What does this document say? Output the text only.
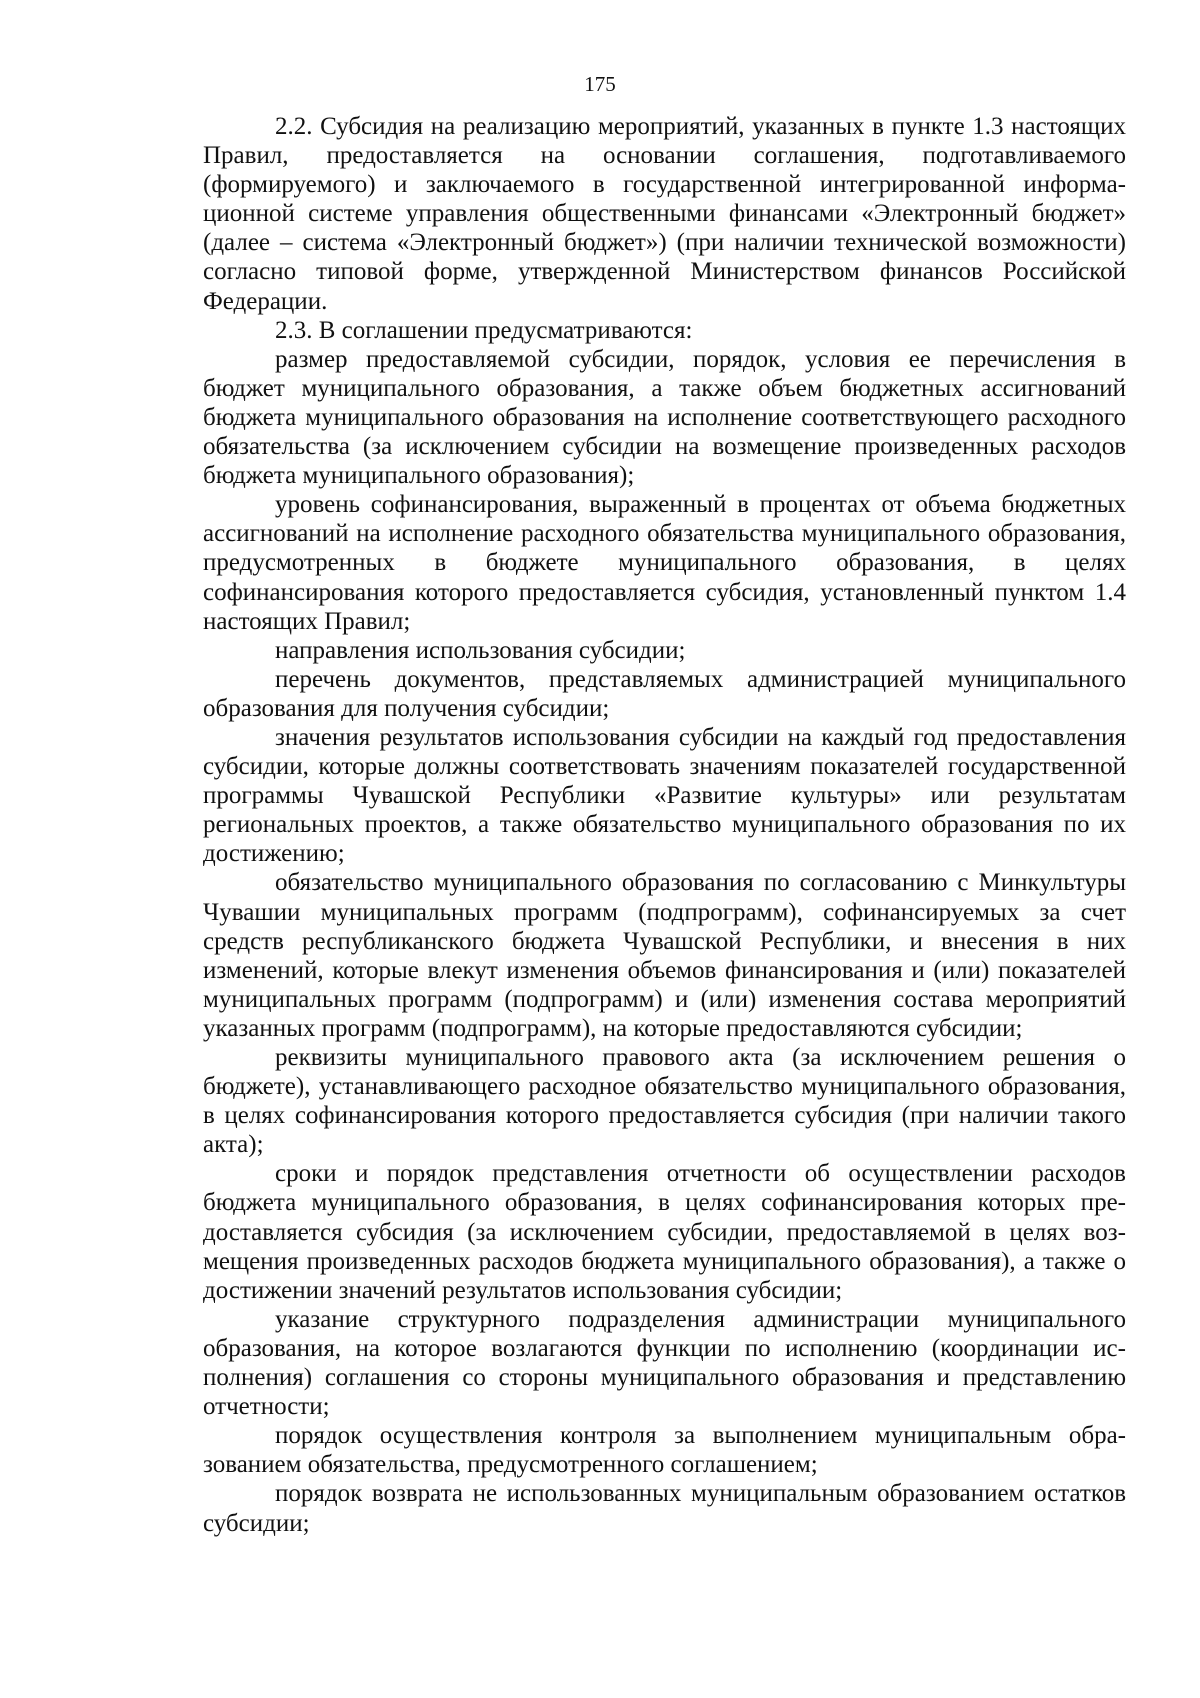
175

2.2. Субсидия на реализацию мероприятий, указанных в пункте 1.3 настоящих Правил, предоставляется на основании соглашения, подготавливаемого (формируемого) и заключаемого в государственной интегрированной информационной системе управления общественными финансами «Электронный бюджет» (далее – система «Электронный бюджет») (при наличии технической возможности) согласно типовой форме, утвержденной Министерством финансов Российской Федерации.

2.3. В соглашении предусматриваются:

размер предоставляемой субсидии, порядок, условия ее перечисления в бюджет муниципального образования, а также объем бюджетных ассигнований бюджета муниципального образования на исполнение соответствующего расходного обязательства (за исключением субсидии на возмещение произведенных расходов бюджета муниципального образования);

уровень софинансирования, выраженный в процентах от объема бюджетных ассигнований на исполнение расходного обязательства муниципального образования, предусмотренных в бюджете муниципального образования, в целях софинансирования которого предоставляется субсидия, установленный пунктом 1.4 настоящих Правил;

направления использования субсидии;

перечень документов, представляемых администрацией муниципального образования для получения субсидии;

значения результатов использования субсидии на каждый год предоставления субсидии, которые должны соответствовать значениям показателей государственной программы Чувашской Республики «Развитие культуры» или результатам региональных проектов, а также обязательство муниципального образования по их достижению;

обязательство муниципального образования по согласованию с Минкультуры Чувашии муниципальных программ (подпрограмм), софинансируемых за счет средств республиканского бюджета Чувашской Республики, и внесения в них изменений, которые влекут изменения объемов финансирования и (или) показателей муниципальных программ (подпрограмм) и (или) изменения состава мероприятий указанных программ (подпрограмм), на которые предоставляются субсидии;

реквизиты муниципального правового акта (за исключением решения о бюджете), устанавливающего расходное обязательство муниципального образования, в целях софинансирования которого предоставляется субсидия (при наличии такого акта);

сроки и порядок представления отчетности об осуществлении расходов бюджета муниципального образования, в целях софинансирования которых предоставляется субсидия (за исключением субсидии, предоставляемой в целях возмещения произведенных расходов бюджета муниципального образования), а также о достижении значений результатов использования субсидии;

указание структурного подразделения администрации муниципального образования, на которое возлагаются функции по исполнению (координации исполнения) соглашения со стороны муниципального образования и представлению отчетности;

порядок осуществления контроля за выполнением муниципальным образованием обязательства, предусмотренного соглашением;

порядок возврата не использованных муниципальным образованием остатков субсидии;
